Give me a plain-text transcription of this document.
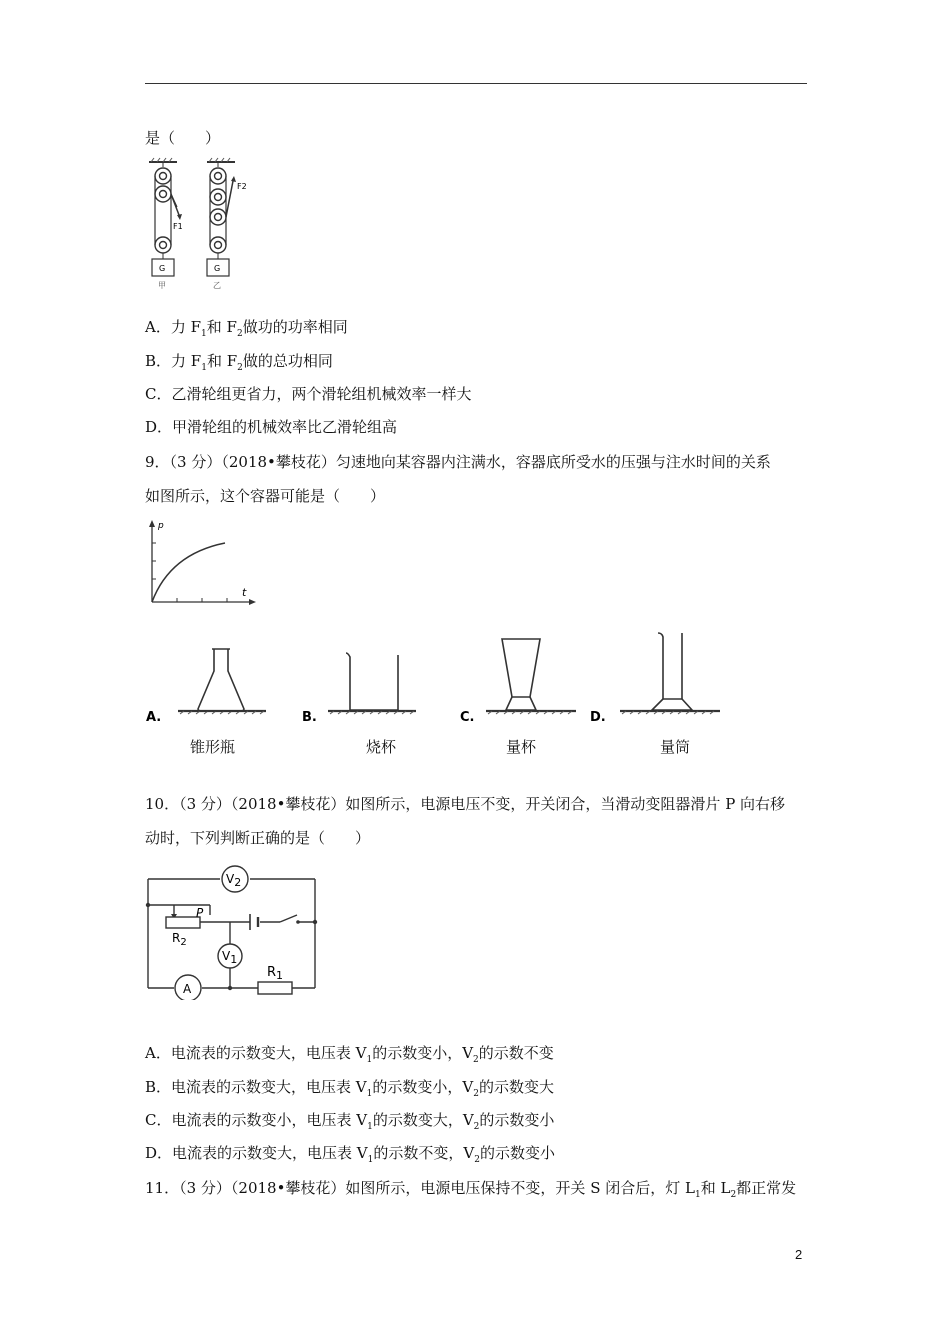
是（　　）
F1
G
甲
F2
G
乙
A．力 $F_1$和 $F_2$做功的功率相同
B．力 $F_1$和 $F_2$做的总功相同
C．乙滑轮组更省力，两个滑轮组机械效率一样大
D．甲滑轮组的机械效率比乙滑轮组高
9．（3 分）（2018•攀枝花）匀速地向某容器内注满水，容器底所受水的压强与注水时间的关系
如图所示，这个容器可能是（　　）
p
t
A.	B.	C.	D.
锥形瓶	烧杯	量杯	量筒
10．（3 分）（2018•攀枝花）如图所示，电源电压不变，开关闭合，当滑动变阻器滑片 P 向右移
动时，下列判断正确的是（　　）
P
$R_2$
V2
V1
A
$R_1$
A．电流表的示数变大，电压表 $V_1$的示数变小，$V_2$的示数不变
B．电流表的示数变大，电压表 $V_1$的示数变小，$V_2$的示数变大
C．电流表的示数变小，电压表 $V_1$的示数变大，$V_2$的示数变小
D．电流表的示数变大，电压表 $V_1$的示数不变，$V_2$的示数变小
11．（3 分）（2018•攀枝花）如图所示，电源电压保持不变，开关 S 闭合后，灯 $L_1$和 $L_2$都正常发
2
